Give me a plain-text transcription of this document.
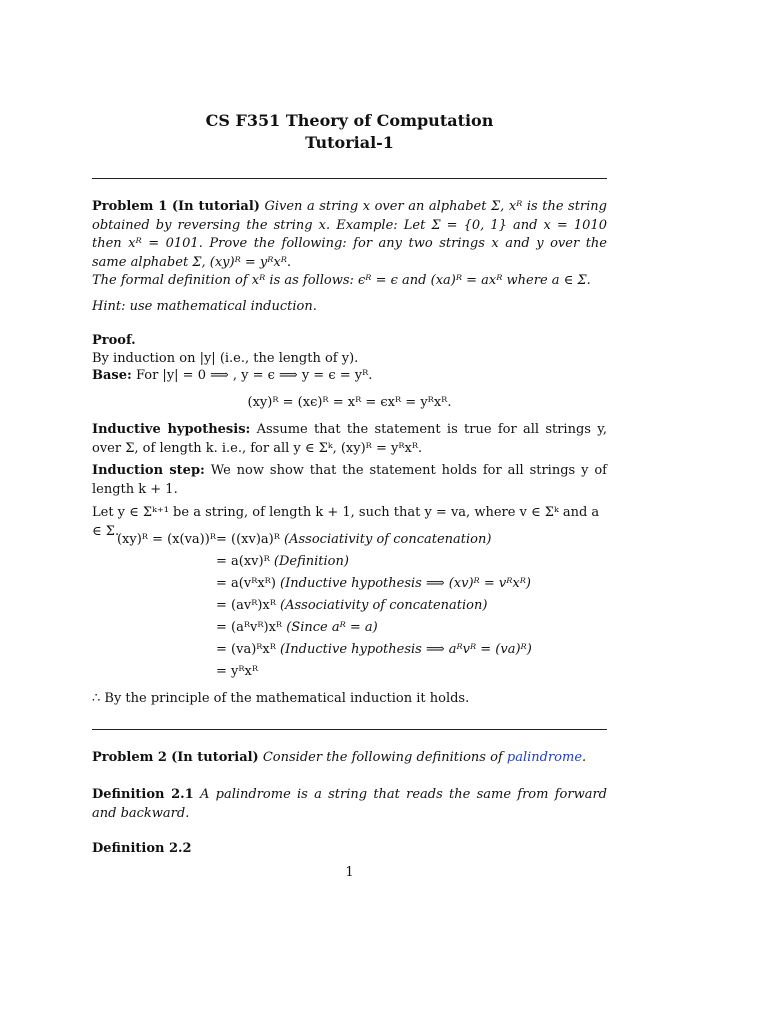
CS F351 Theory of Computation
Tutorial-1
Problem 1 (In tutorial) Given a string x over an alphabet Σ, xᴿ is the string obtained by reversing the string x. Example: Let Σ = {0, 1} and x = 1010 then xᴿ = 0101. Prove the following: for any two strings x and y over the same alphabet Σ, (xy)ᴿ = yᴿxᴿ.
The formal definition of xᴿ is as follows: ϵᴿ = ϵ and (xa)ᴿ = axᴿ where a ∈ Σ.
Hint: use mathematical induction.
Proof.
By induction on |y| (i.e., the length of y).
Base: For |y| = 0 ⟹ , y = ϵ ⟹ y = ϵ = yᴿ.
(xy)ᴿ = (xϵ)ᴿ = xᴿ = ϵxᴿ = yᴿxᴿ.
Inductive hypothesis: Assume that the statement is true for all strings y, over Σ, of length k. i.e., for all y ∈ Σᵏ, (xy)ᴿ = yᴿxᴿ.
Induction step: We now show that the statement holds for all strings y of length k + 1.
Let y ∈ Σᵏ⁺¹ be a string, of length k + 1, such that y = va, where v ∈ Σᵏ and a ∈ Σ.
(xy)ᴿ = (x(va))ᴿ = ((xv)a)ᴿ (Associativity of concatenation)
= a(xv)ᴿ (Definition)
= a(vᴿxᴿ) (Inductive hypothesis ⟹ (xv)ᴿ = vᴿxᴿ)
= (avᴿ)xᴿ (Associativity of concatenation)
= (aᴿvᴿ)xᴿ (Since aᴿ = a)
= (va)ᴿxᴿ (Inductive hypothesis ⟹ aᴿvᴿ = (va)ᴿ)
= yᴿxᴿ
∴ By the principle of the mathematical induction it holds.
Problem 2 (In tutorial) Consider the following definitions of palindrome.
Definition 2.1 A palindrome is a string that reads the same from forward and backward.
Definition 2.2
1
